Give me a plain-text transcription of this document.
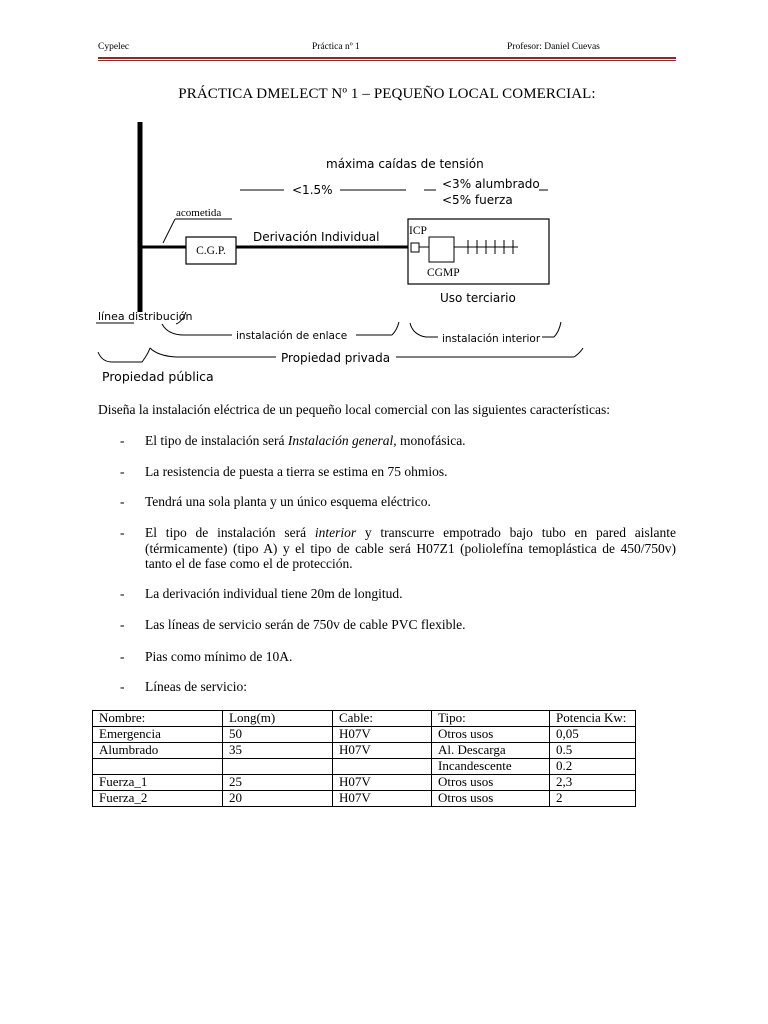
Cypelec	Práctica nº 1	Profesor: Daniel Cuevas
PRÁCTICA DMELECT Nº 1 – PEQUEÑO LOCAL COMERCIAL:
acometida
C.G.P.
Derivación Individual	ICP
CGMP
Uso terciario
máxima caídas de tensión
<1.5%	<3% alumbrado
<5% fuerza
línea distribución
instalación de enlace	instalación interior
Propiedad privada
Propiedad pública
Diseña la instalación eléctrica de un pequeño local comercial con las siguientes características:
- El tipo de instalación será Instalación general, monofásica.
- La resistencia de puesta a tierra se estima en 75 ohmios.
- Tendrá una sola planta y un único esquema eléctrico.
- El tipo de instalación será interior y transcurre empotrado bajo tubo en pared aislante (térmicamente) (tipo A) y el tipo de cable será H07Z1 (poliolefína temoplástica de 450/750v) tanto el de fase como el de protección.
- La derivación individual tiene 20m de longitud.
- Las líneas de servicio serán de 750v de cable PVC flexible.
- Pias como mínimo de 10A.
- Líneas de servicio:
Nombre:	Long(m)	Cable:	Tipo:	Potencia Kw:
Emergencia	50	H07V	Otros usos	0,05
Alumbrado	35	H07V	Al. Descarga	0.5
			Incandescente	0.2
Fuerza_1	25	H07V	Otros usos	2,3
Fuerza_2	20	H07V	Otros usos	2
